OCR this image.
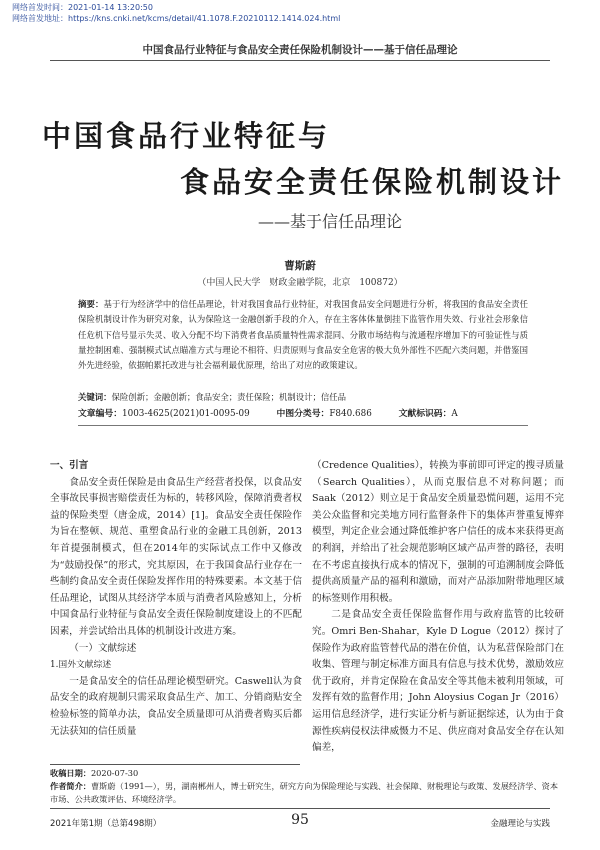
网络首发时间：2021-01-14 13:20:50
网络首发地址：https://kns.cnki.net/kcms/detail/41.1078.F.20210112.1414.024.html
中国食品行业特征与食品安全责任保险机制设计——基于信任品理论
中国食品行业特征与
食品安全责任保险机制设计
——基于信任品理论
曹斯蔚
（中国人民大学　财政金融学院，北京　100872）
摘要：基于行为经济学中的信任品理论，针对我国食品行业特征，对我国食品安全问题进行分析，将我国的食品安全责任保险机制设计作为研究对象，认为保险这一金融创新手段的介入，存在主客体体量倒挂下监管作用失效、行业社会形象信任危机下信号显示失灵、收入分配不均下消费者食品质量特性需求混同、分散市场结构与流通程序增加下的可验证性与质量控制困难、强制模式试点瞄准方式与理论不相符、归责原则与食品安全危害的极大负外部性不匹配六类问题，并借鉴国外先进经验，依据帕累托改进与社会福利最优原理，给出了对应的政策建议。
关键词：保险创新；金融创新；食品安全；责任保险；机制设计；信任品
文章编号：1003-4625(2021)01-0095-09	中图分类号：F840.686	文献标识码：A

一、引言

食品安全责任保险是由食品生产经营者投保，以食品安全事故民事损害赔偿责任为标的，转移风险，保障消费者权益的保险类型（唐金成，2014）[1]。食品安全责任保险作为旨在整顿、规范、重塑食品行业的金融工具创新，2013年首提强制模式，但在2014年的实际试点工作中又修改为“鼓励投保”的形式，究其原因，在于我国食品行业存在一些制约食品安全责任保险发挥作用的特殊要素。本文基于信任品理论，试图从其经济学本质与消费者风险感知上，分析中国食品行业特征与食品安全责任保险制度建设上的不匹配因素，并尝试给出具体的机制设计改进方案。

（一）文献综述

1.国外文献综述

一是食品安全的信任品理论模型研究。Caswell认为食品安全的政府规制只需采取食品生产、加工、分销商贴安全检验标签的简单办法，食品安全质量即可从消费者购买后都无法获知的信任质量

（Credence Qualities），转换为事前即可评定的搜寻质量（Search Qualities），从而克服信息不对称问题；而Saak（2012）则立足于食品安全质量恐慌问题，运用不完美公众监督和完美地方同行监督条件下的集体声誉重复博弈模型，判定企业会通过降低维护客户信任的成本来获得更高的利润，并给出了社会规范影响区域产品声誉的路径，表明在不考虑直接执行成本的情况下，强制的可追溯制度会降低提供高质量产品的福利和激励，而对产品添加附带地理区域的标签则作用积极。

二是食品安全责任保险监督作用与政府监管的比较研究。Omri Ben-Shahar，Kyle D Logue（2012）探讨了保险作为政府监管替代品的潜在价值，认为私营保险部门在收集、管理与制定标准方面具有信息与技术优势，激励效应优于政府，并肯定保险在食品安全等其他未被利用领域，可发挥有效的监督作用；John Aloysius Cogan Jr（2016）运用信息经济学，进行实证分析与新证据综述，认为由于食源性疾病侵权法律威慑力不足、供应商对食品安全存在认知偏差，

收稿日期：2020-07-30
作者简介：曹斯蔚（1991—），男，湖南郴州人，博士研究生，研究方向为保险理论与实践、社会保障、财税理论与政策、发展经济学、资本市场、公共政策评估、环境经济学。
2021年第1期（总第498期）	95	金融理论与实践
